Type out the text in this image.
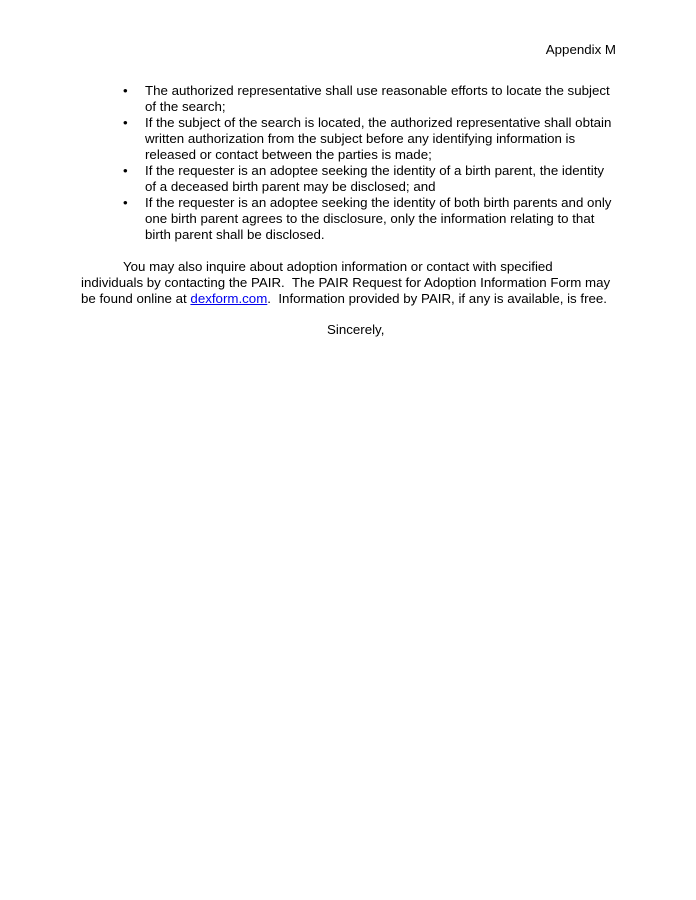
Appendix M
• The authorized representative shall use reasonable efforts to locate the subject of the search;
• If the subject of the search is located, the authorized representative shall obtain written authorization from the subject before any identifying information is released or contact between the parties is made;
• If the requester is an adoptee seeking the identity of a birth parent, the identity of a deceased birth parent may be disclosed; and
• If the requester is an adoptee seeking the identity of both birth parents and only one birth parent agrees to the disclosure, only the information relating to that birth parent shall be disclosed.

You may also inquire about adoption information or contact with specified individuals by contacting the PAIR.  The PAIR Request for Adoption Information Form may be found online at dexform.com.  Information provided by PAIR, if any is available, is free.

Sincerely,
